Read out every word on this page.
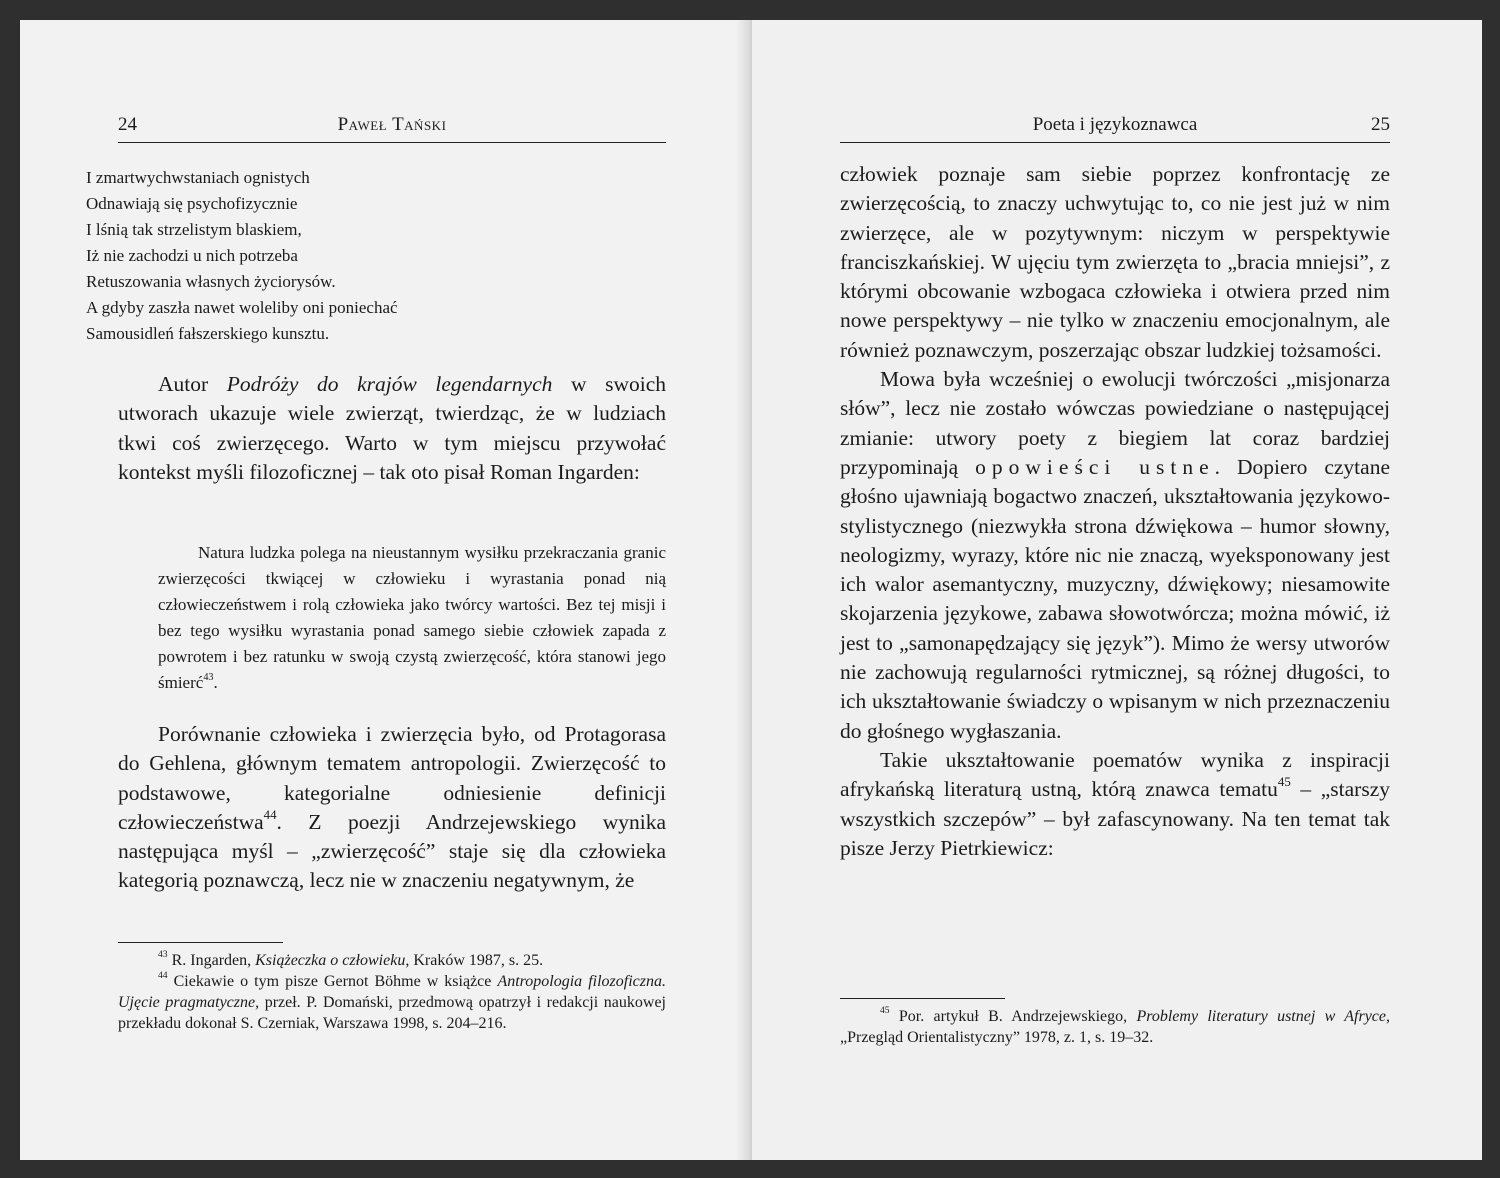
24	Paweł Tański
I zmartwychwstaniach ognistych
Odnawiają się psychofizycznie
I lśnią tak strzelistym blaskiem,
Iż nie zachodzi u nich potrzeba
Retuszowania własnych życiorysów.
A gdyby zaszła nawet woleliby oni poniechać
Samousidleń fałszerskiego kunsztu.

Autor Podróży do krajów legendarnych w swoich utworach ukazuje wiele zwierząt, twierdząc, że w ludziach tkwi coś zwierzęcego. Warto w tym miejscu przywołać kontekst myśli filozoficznej – tak oto pisał Roman Ingarden:

Natura ludzka polega na nieustannym wysiłku przekraczania granic zwierzęcości tkwiącej w człowieku i wyrastania ponad nią człowieczeństwem i rolą człowieka jako twórcy wartości. Bez tej misji i bez tego wysiłku wyrastania ponad samego siebie człowiek zapada z powrotem i bez ratunku w swoją czystą zwierzęcość, która stanowi jego śmierć$^{43}$.

Porównanie człowieka i zwierzęcia było, od Protagorasa do Gehlena, głównym tematem antropologii. Zwierzęcość to podstawowe, kategorialne odniesienie definicji człowieczeństwa$^{44}$. Z poezji Andrzejewskiego wynika następująca myśl – „zwierzęcość” staje się dla człowieka kategorią poznawczą, lecz nie w znaczeniu negatywnym, że

$^{43}$ R. Ingarden, Książeczka o człowieku, Kraków 1987, s. 25.

$^{44}$ Ciekawie o tym pisze Gernot Böhme w książce Antropologia filozoficzna. Ujęcie pragmatyczne, przeł. P. Domański, przedmową opatrzył i redakcji naukowej przekładu dokonał S. Czerniak, Warszawa 1998, s. 204–216.

Poeta i językoznawca	25

człowiek poznaje sam siebie poprzez konfrontację ze zwierzęcością, to znaczy uchwytując to, co nie jest już w nim zwierzęce, ale w pozytywnym: niczym w perspektywie franciszkańskiej. W ujęciu tym zwierzęta to „bracia mniejsi”, z którymi obcowanie wzbogaca człowieka i otwiera przed nim nowe perspektywy – nie tylko w znaczeniu emocjonalnym, ale również poznawczym, poszerzając obszar ludzkiej tożsamości.

Mowa była wcześniej o ewolucji twórczości „misjonarza słów”, lecz nie zostało wówczas powiedziane o następującej zmianie: utwory poety z biegiem lat coraz bardziej przypominają opowieści ustne. Dopiero czytane głośno ujawniają bogactwo znaczeń, ukształtowania językowo-stylistycznego (niezwykła strona dźwiękowa – humor słowny, neologizmy, wyrazy, które nic nie znaczą, wyeksponowany jest ich walor asemantyczny, muzyczny, dźwiękowy; niesamowite skojarzenia językowe, zabawa słowotwórcza; można mówić, iż jest to „samonapędzający się język”). Mimo że wersy utworów nie zachowują regularności rytmicznej, są różnej długości, to ich ukształtowanie świadczy o wpisanym w nich przeznaczeniu do głośnego wygłaszania.

Takie ukształtowanie poematów wynika z inspiracji afrykańską literaturą ustną, którą znawca tematu$^{45}$ – „starszy wszystkich szczepów” – był zafascynowany. Na ten temat tak pisze Jerzy Pietrkiewicz:

$^{45}$ Por. artykuł B. Andrzejewskiego, Problemy literatury ustnej w Afryce, „Przegląd Orientalistyczny” 1978, z. 1, s. 19–32.
